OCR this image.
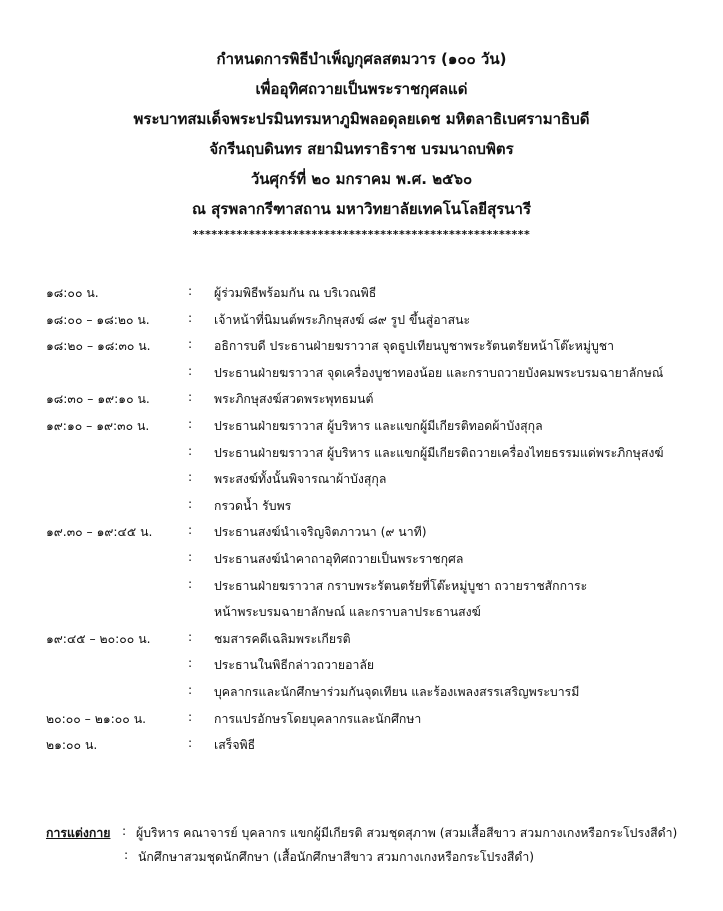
กำหนดการพิธีบำเพ็ญกุศลสตมวาร (๑๐๐ วัน)
เพื่ออุทิศถวายเป็นพระราชกุศลแด่
พระบาทสมเด็จพระปรมินทรมหาภูมิพลอดุลยเดช มหิตลาธิเบศรามาธิบดี
จักรีนฤบดินทร สยามินทราธิราช บรมนาถบพิตร
วันศุกร์ที่ ๒๐ มกราคม พ.ศ. ๒๕๖๐
ณ สุรพลากรีฑาสถาน มหาวิทยาลัยเทคโนโลยีสุรนารี
******************************************************
๑๘:๐๐ น.	: ผู้ร่วมพิธีพร้อมกัน ณ บริเวณพิธี
๑๘:๐๐ – ๑๘:๒๐ น.	: เจ้าหน้าที่นิมนต์พระภิกษุสงฆ์ ๘๙ รูป ขึ้นสู่อาสนะ
๑๘:๒๐ – ๑๘:๓๐ น.	: อธิการบดี ประธานฝ่ายฆราวาส จุดธูปเทียนบูชาพระรัตนตรัยหน้าโต๊ะหมู่บูชา
: ประธานฝ่ายฆราวาส จุดเครื่องบูชาทองน้อย และกราบถวายบังคมพระบรมฉายาลักษณ์
๑๘:๓๐ – ๑๙:๑๐ น.	: พระภิกษุสงฆ์สวดพระพุทธมนต์
๑๙:๑๐ – ๑๙:๓๐ น.	: ประธานฝ่ายฆราวาส ผู้บริหาร และแขกผู้มีเกียรติทอดผ้าบังสุกุล
: ประธานฝ่ายฆราวาส ผู้บริหาร และแขกผู้มีเกียรติถวายเครื่องไทยธรรมแด่พระภิกษุสงฆ์
: พระสงฆ์ทั้งนั้นพิจารณาผ้าบังสุกุล
: กรวดน้ำ รับพร
๑๙.๓๐ – ๑๙:๔๕ น.	: ประธานสงฆ์นำเจริญจิตภาวนา (๙ นาที)
: ประธานสงฆ์นำคาถาอุทิศถวายเป็นพระราชกุศล
: ประธานฝ่ายฆราวาส กราบพระรัตนตรัยที่โต๊ะหมู่บูชา ถวายราชสักการะ
หน้าพระบรมฉายาลักษณ์ และกราบลาประธานสงฆ์
๑๙:๔๕ – ๒๐:๐๐ น.	: ชมสารคดีเฉลิมพระเกียรติ
: ประธานในพิธีกล่าวถวายอาลัย
: บุคลากรและนักศึกษาร่วมกันจุดเทียน และร้องเพลงสรรเสริญพระบารมี
๒๐:๐๐ – ๒๑:๐๐ น.	: การแปรอักษรโดยบุคลากรและนักศึกษา
๒๑:๐๐ น.	: เสร็จพิธี
การแต่งกาย : ผู้บริหาร คณาจารย์ บุคลากร แขกผู้มีเกียรติ สวมชุดสุภาพ (สวมเสื้อสีขาว สวมกางเกงหรือกระโปรงสีดำ)
: นักศึกษาสวมชุดนักศึกษา (เสื้อนักศึกษาสีขาว สวมกางเกงหรือกระโปรงสีดำ)
